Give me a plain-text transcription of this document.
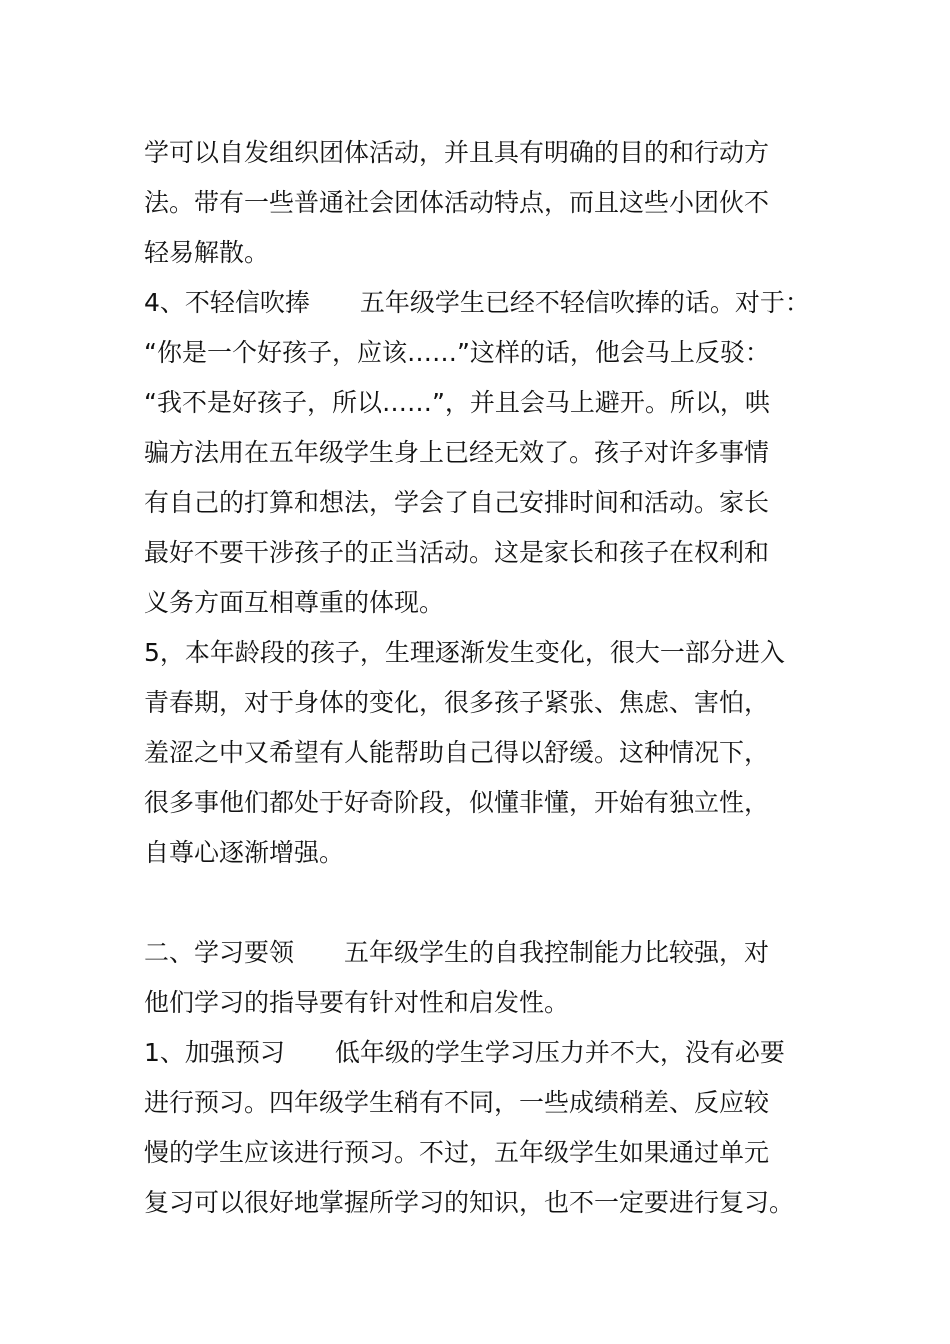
学可以自发组织团体活动，并且具有明确的目的和行动方
法。带有一些普通社会团体活动特点，而且这些小团伙不
轻易解散。
4、不轻信吹捧　　五年级学生已经不轻信吹捧的话。对于：
“你是一个好孩子，应该……”这样的话，他会马上反驳：
“我不是好孩子，所以……”，并且会马上避开。所以，哄
骗方法用在五年级学生身上已经无效了。孩子对许多事情
有自己的打算和想法，学会了自己安排时间和活动。家长
最好不要干涉孩子的正当活动。这是家长和孩子在权利和
义务方面互相尊重的体现。
5，本年龄段的孩子，生理逐渐发生变化，很大一部分进入
青春期，对于身体的变化，很多孩子紧张、焦虑、害怕，
羞涩之中又希望有人能帮助自己得以舒缓。这种情况下，
很多事他们都处于好奇阶段，似懂非懂，开始有独立性，
自尊心逐渐增强。
二、学习要领　　五年级学生的自我控制能力比较强，对
他们学习的指导要有针对性和启发性。
1、加强预习　　低年级的学生学习压力并不大，没有必要
进行预习。四年级学生稍有不同，一些成绩稍差、反应较
慢的学生应该进行预习。不过，五年级学生如果通过单元
复习可以很好地掌握所学习的知识，也不一定要进行复习。
